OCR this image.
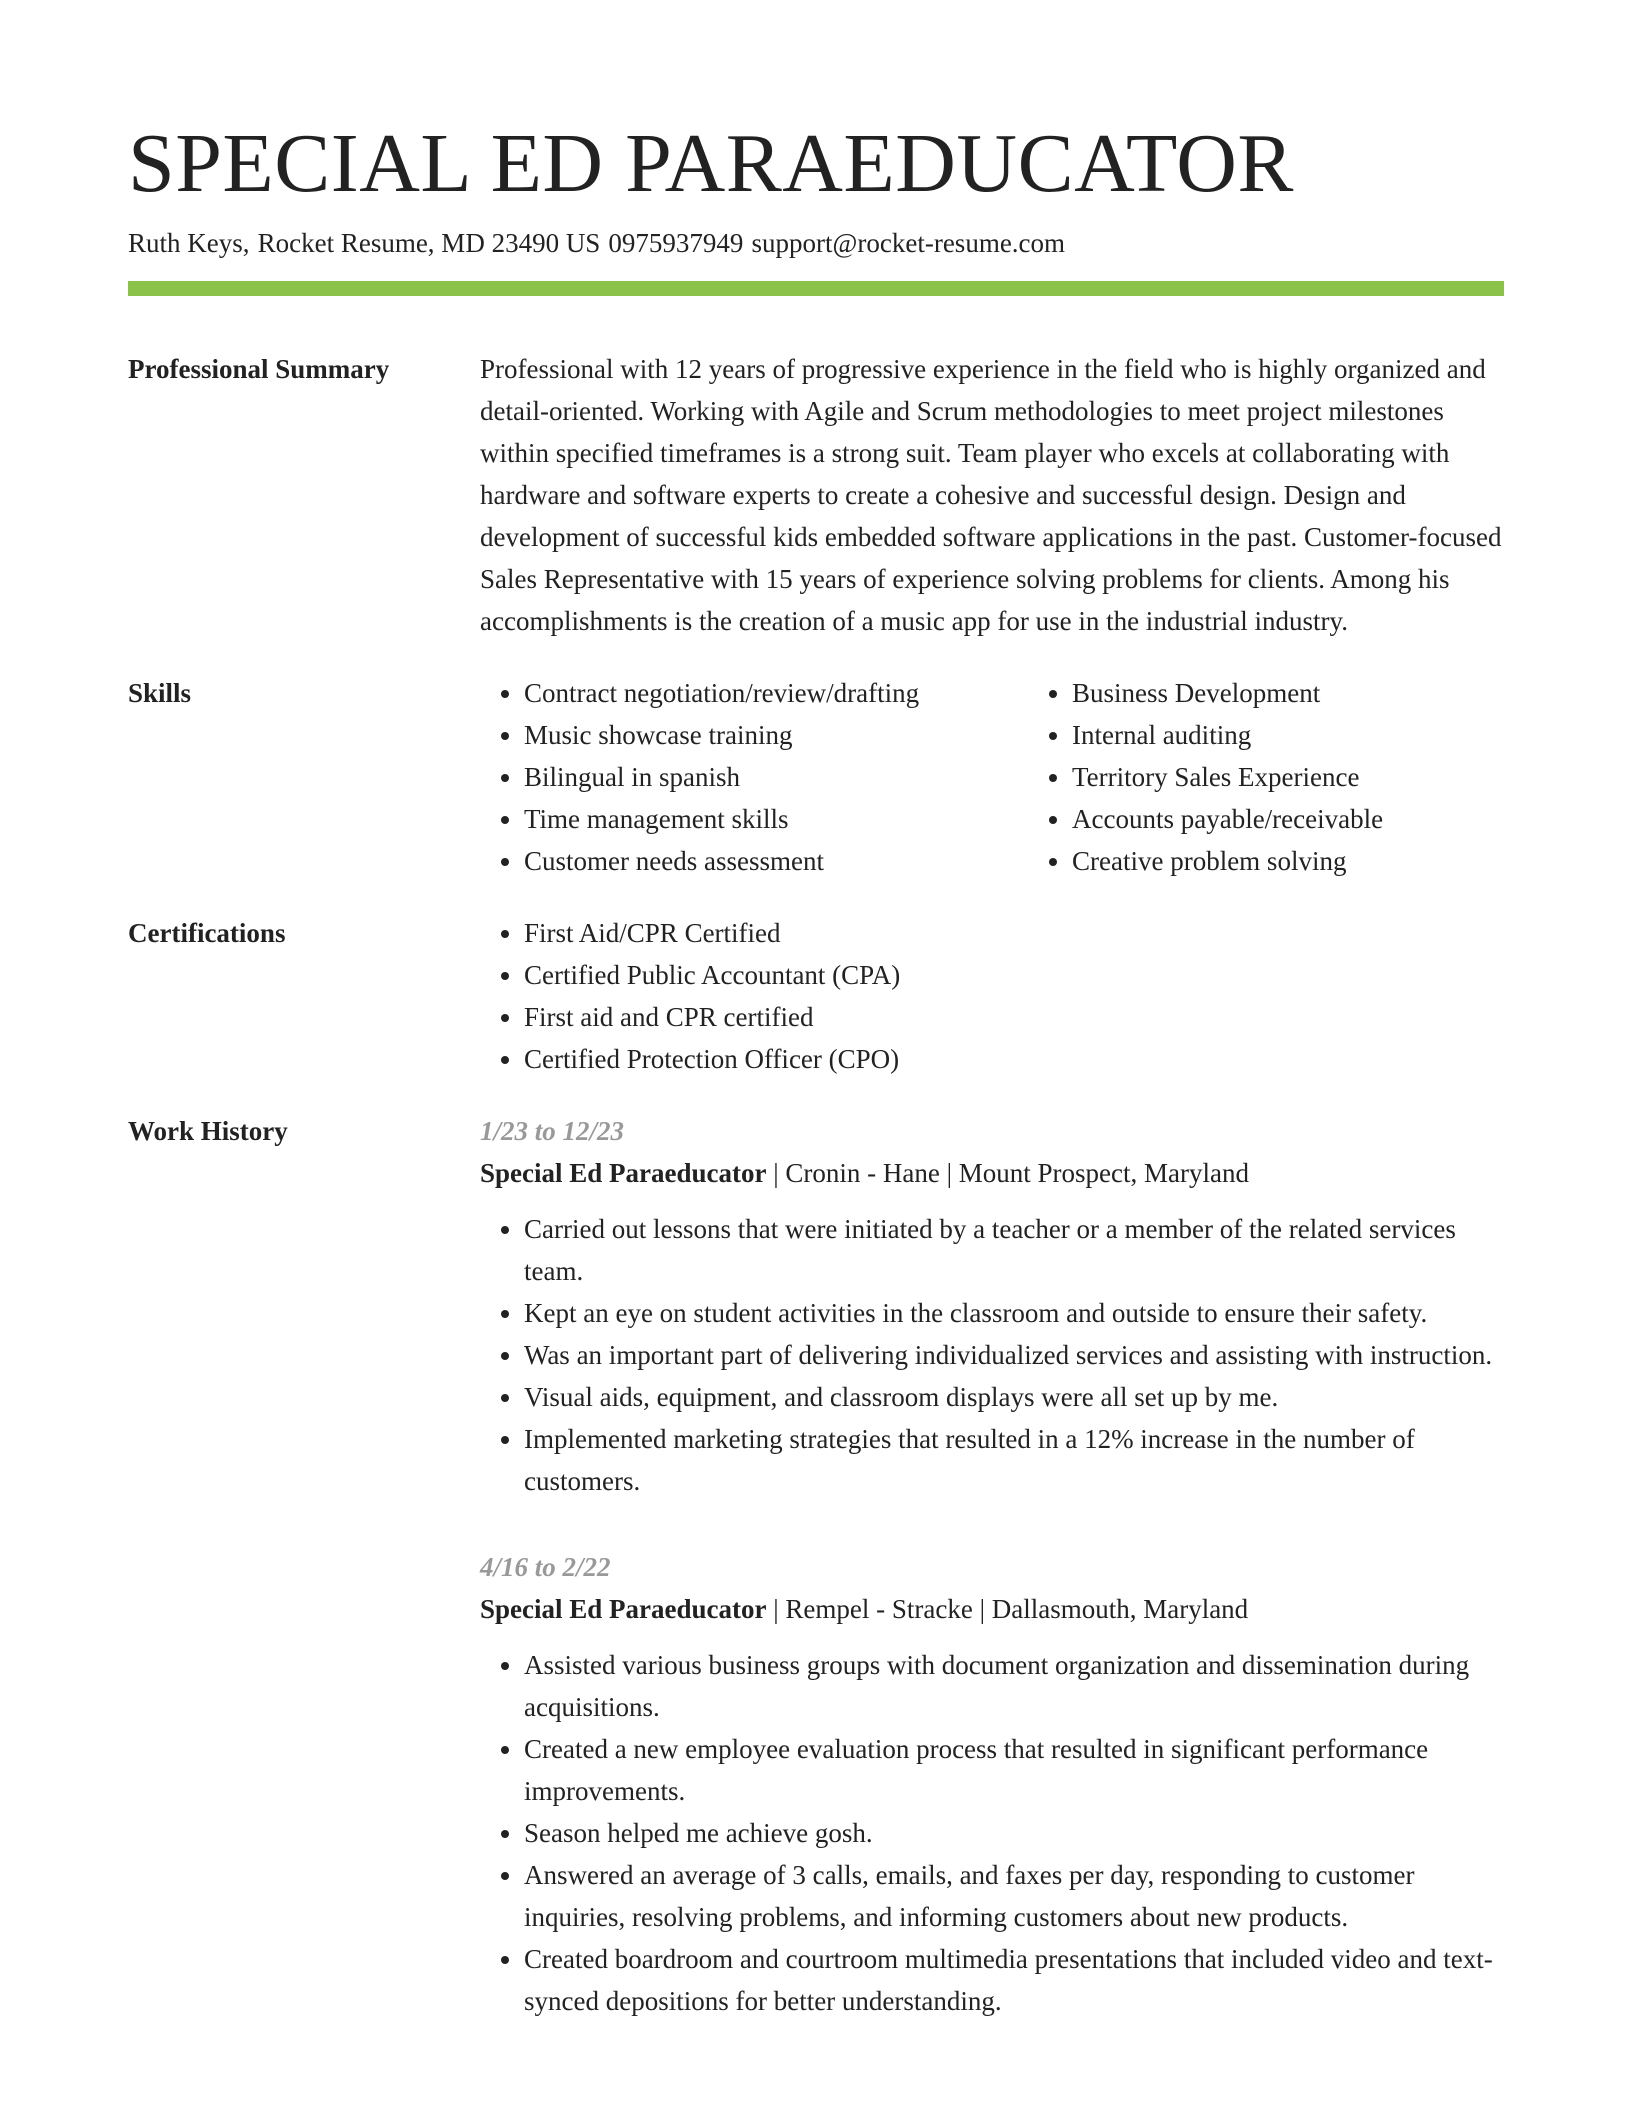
SPECIAL ED PARAEDUCATOR
Ruth Keys, Rocket Resume, MD 23490 US 0975937949 support@rocket-resume.com
Professional Summary	Professional with 12 years of progressive experience in the field who is highly organized and detail-oriented. Working with Agile and Scrum methodologies to meet project milestones within specified timeframes is a strong suit. Team player who excels at collaborating with hardware and software experts to create a cohesive and successful design. Design and development of successful kids embedded software applications in the past. Customer-focused Sales Representative with 15 years of experience solving problems for clients. Among his accomplishments is the creation of a music app for use in the industrial industry.

Skills	• Contract negotiation/review/drafting
• Music showcase training
• Bilingual in spanish
• Time management skills
• Customer needs assessment
• Business Development
• Internal auditing
• Territory Sales Experience
• Accounts payable/receivable
• Creative problem solving
Certifications	• First Aid/CPR Certified
• Certified Public Accountant (CPA)
• First aid and CPR certified
• Certified Protection Officer (CPO)
Work History	1/23 to 12/23
Special Ed Paraeducator | Cronin - Hane | Mount Prospect, Maryland
• Carried out lessons that were initiated by a teacher or a member of the related services team.
• Kept an eye on student activities in the classroom and outside to ensure their safety.
• Was an important part of delivering individualized services and assisting with instruction.
• Visual aids, equipment, and classroom displays were all set up by me.
• Implemented marketing strategies that resulted in a 12% increase in the number of customers.
4/16 to 2/22
Special Ed Paraeducator | Rempel - Stracke | Dallasmouth, Maryland
• Assisted various business groups with document organization and dissemination during acquisitions.
• Created a new employee evaluation process that resulted in significant performance improvements.
• Season helped me achieve gosh.
• Answered an average of 3 calls, emails, and faxes per day, responding to customer inquiries, resolving problems, and informing customers about new products.
• Created boardroom and courtroom multimedia presentations that included video and text-synced depositions for better understanding.
